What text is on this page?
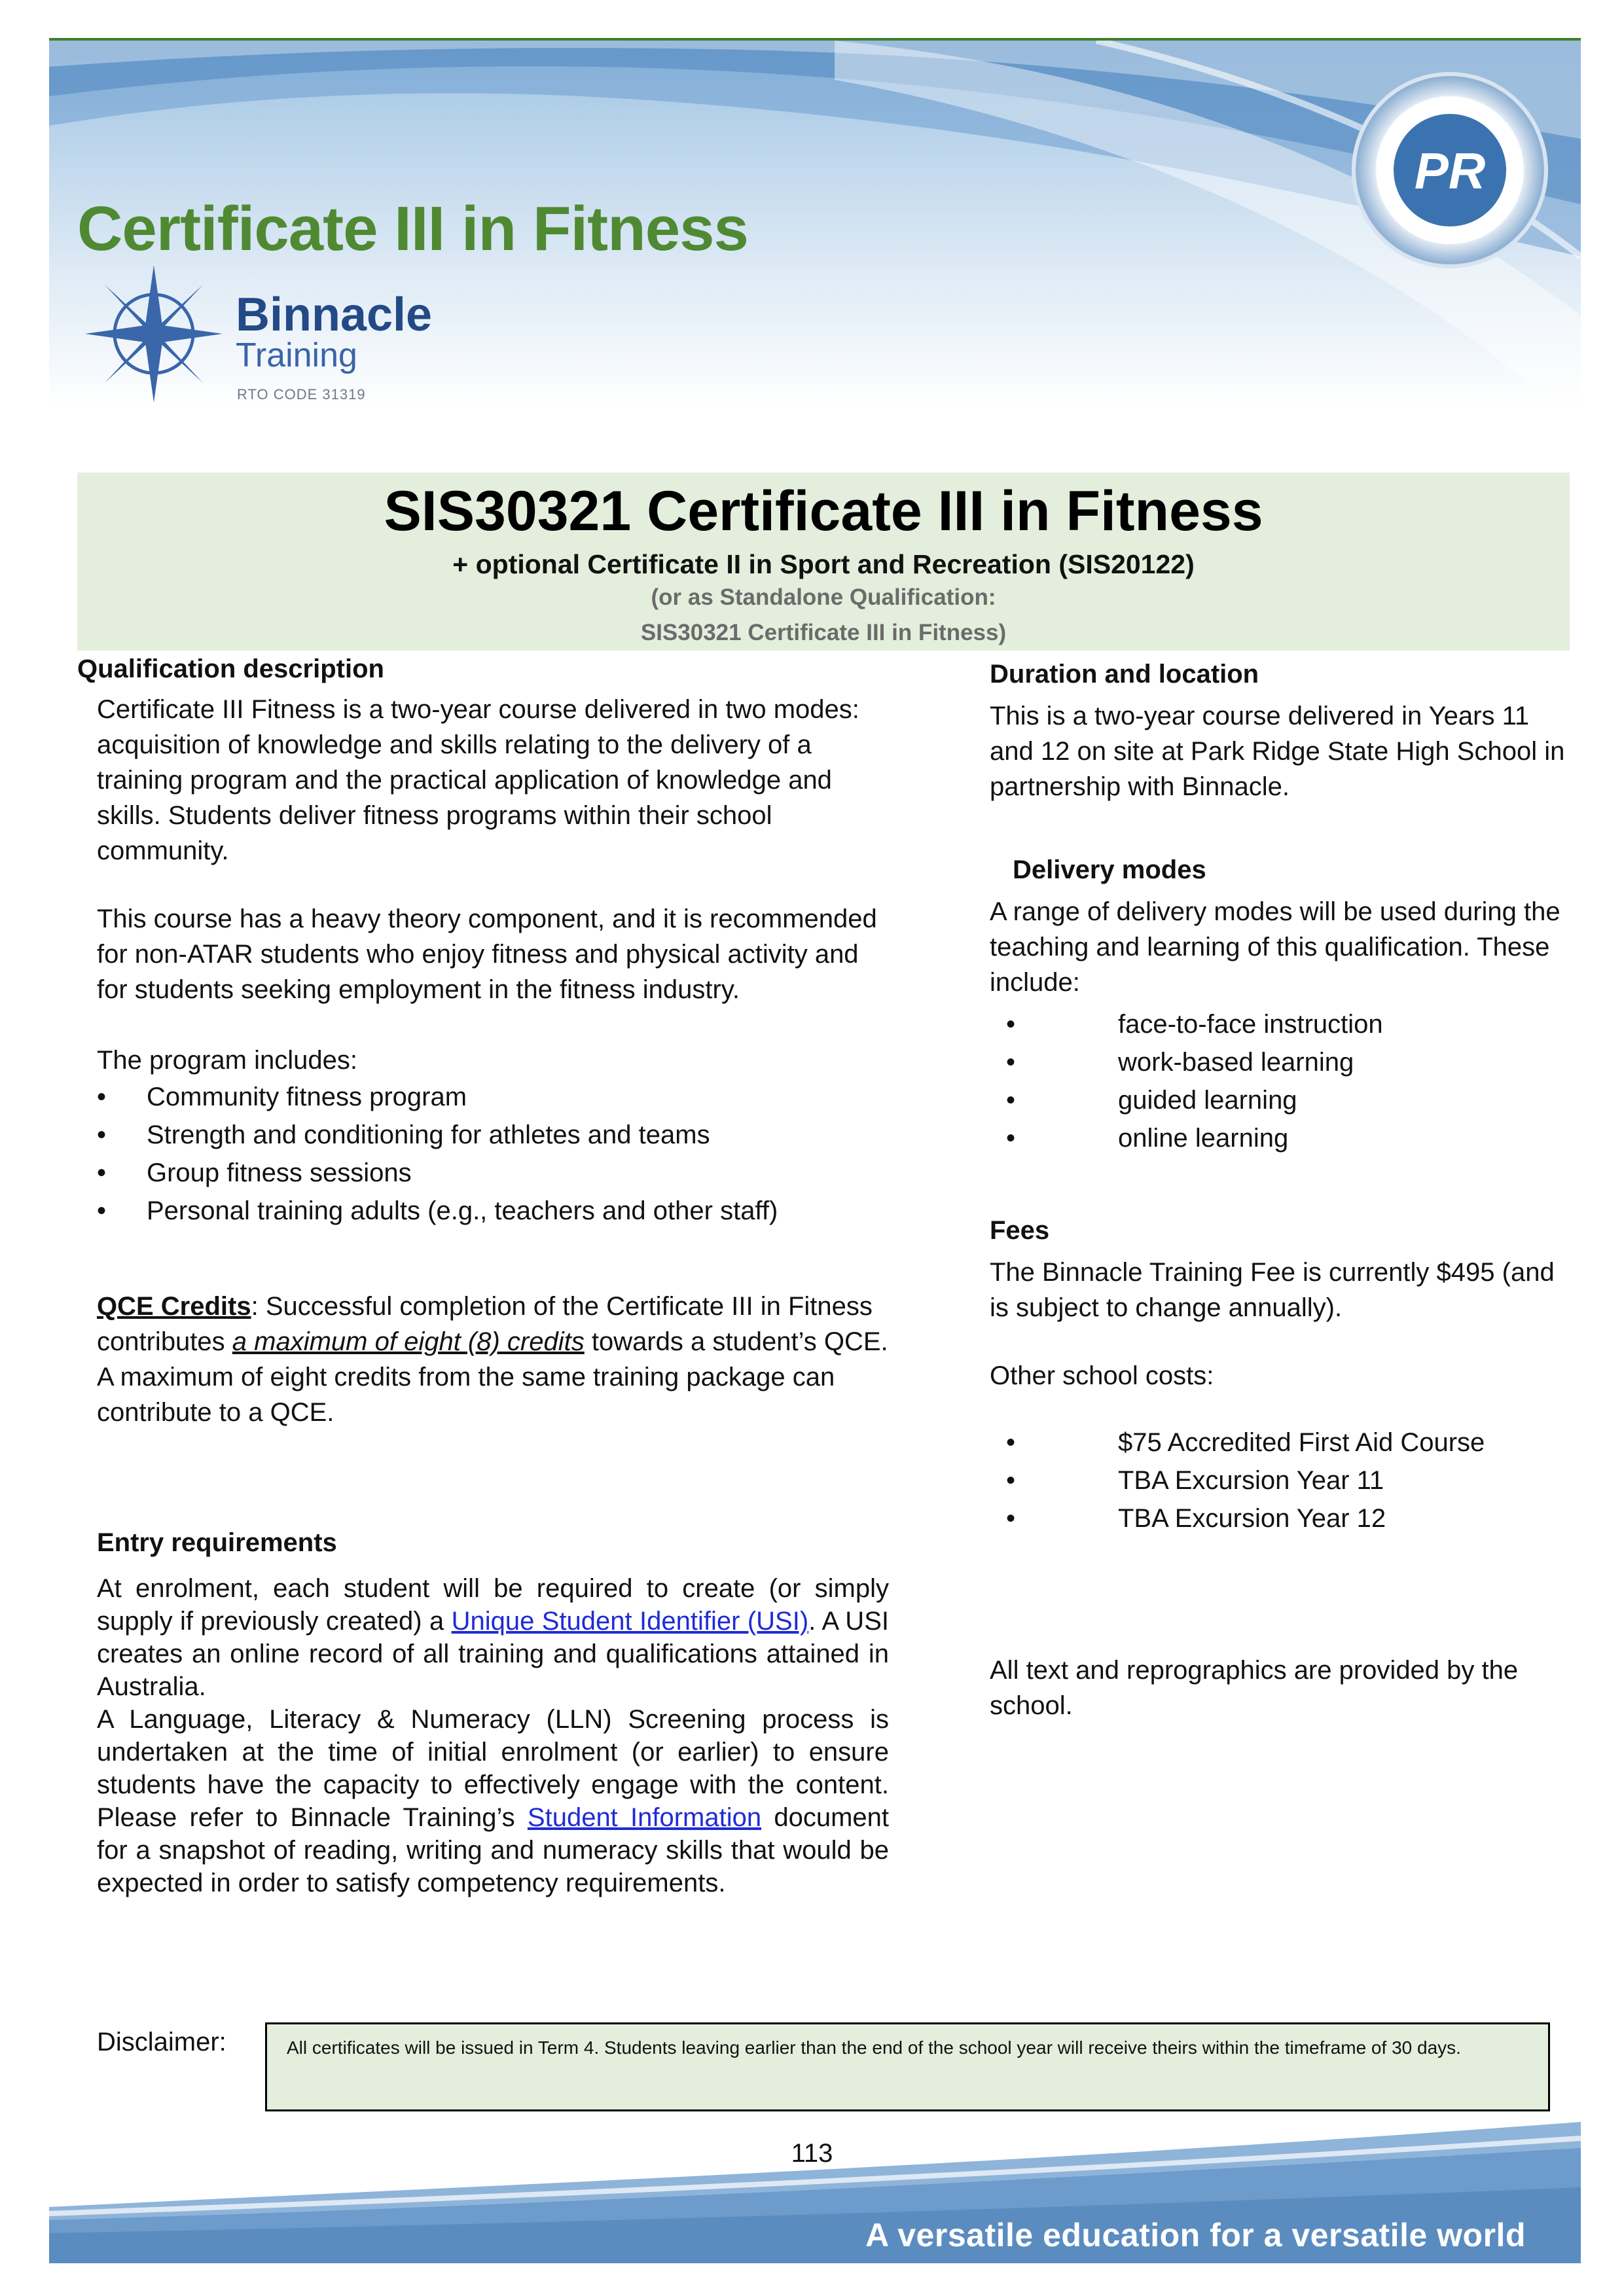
Certificate III in Fitness
PR
Binnacle
Training
RTO CODE 31319
SIS30321 Certificate III in Fitness
+ optional Certificate II in Sport and Recreation (SIS20122)
(or as Standalone Qualification:
SIS30321 Certificate III in Fitness)
Qualification description

Certificate III Fitness is a two-year course delivered in two modes: acquisition of knowledge and skills relating to the delivery of a training program and the practical application of knowledge and skills. Students deliver fitness programs within their school community.

This course has a heavy theory component, and it is recommended for non-ATAR students who enjoy fitness and physical activity and for students seeking employment in the fitness industry.

The program includes:

• Community fitness program
• Strength and conditioning for athletes and teams
• Group fitness sessions
• Personal training adults (e.g., teachers and other staff)

QCE Credits: Successful completion of the Certificate III in Fitness contributes a maximum of eight (8) credits towards a student’s QCE. A maximum of eight credits from the same training package can contribute to a QCE.

Entry requirements

At enrolment, each student will be required to create (or simply supply if previously created) a Unique Student Identifier (USI). A USI creates an online record of all training and qualifications attained in Australia.

A Language, Literacy & Numeracy (LLN) Screening process is undertaken at the time of initial enrolment (or earlier) to ensure students have the capacity to effectively engage with the content. Please refer to Binnacle Training’s Student Information document for a snapshot of reading, writing and numeracy skills that would be expected in order to satisfy competency requirements.

Duration and location

This is a two-year course delivered in Years 11 and 12 on site at Park Ridge State High School in partnership with Binnacle.

Delivery modes

A range of delivery modes will be used during the teaching and learning of this qualification. These include:

•	face-to-face instruction
•	work-based learning
•	guided learning
•	online learning
Fees

The Binnacle Training Fee is currently $495 (and is subject to change annually).

Other school costs:

•	$75 Accredited First Aid Course
•	TBA Excursion Year 11
•	TBA Excursion Year 12

All text and reprographics are provided by the school.

Disclaimer:	All certificates will be issued in Term 4. Students leaving earlier than the end of the school year will receive theirs within the timeframe of 30 days.
113
A versatile education for a versatile world
